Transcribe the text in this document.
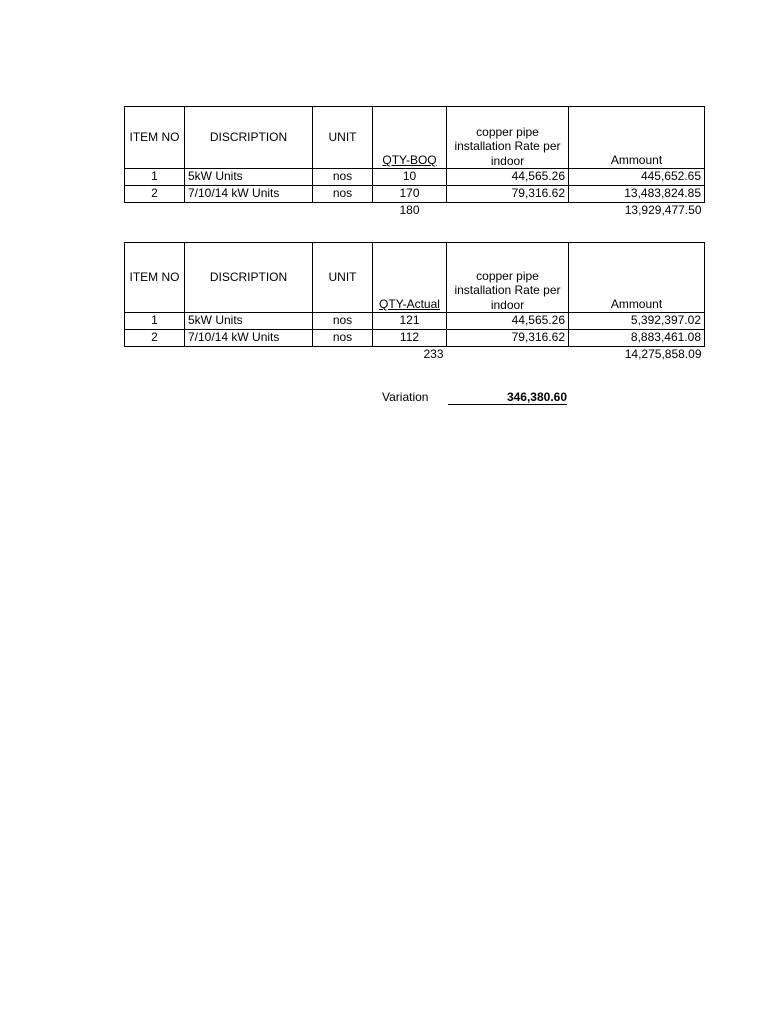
ITEM NO	DISCRIPTION	UNIT	QTY-BOQ	copper pipe installation Rate per indoor	Ammount
1	5kW Units	nos	10	44,565.26	445,652.65
2	7/10/14 kW Units	nos	170	79,316.62	13,483,824.85
			180		13,929,477.50
ITEM NO	DISCRIPTION	UNIT	QTY-Actual	copper pipe installation Rate per indoor	Ammount
1	5kW Units	nos	121	44,565.26	5,392,397.02
2	7/10/14 kW Units	nos	112	79,316.62	8,883,461.08
			233		14,275,858.09
Variation	346,380.60
